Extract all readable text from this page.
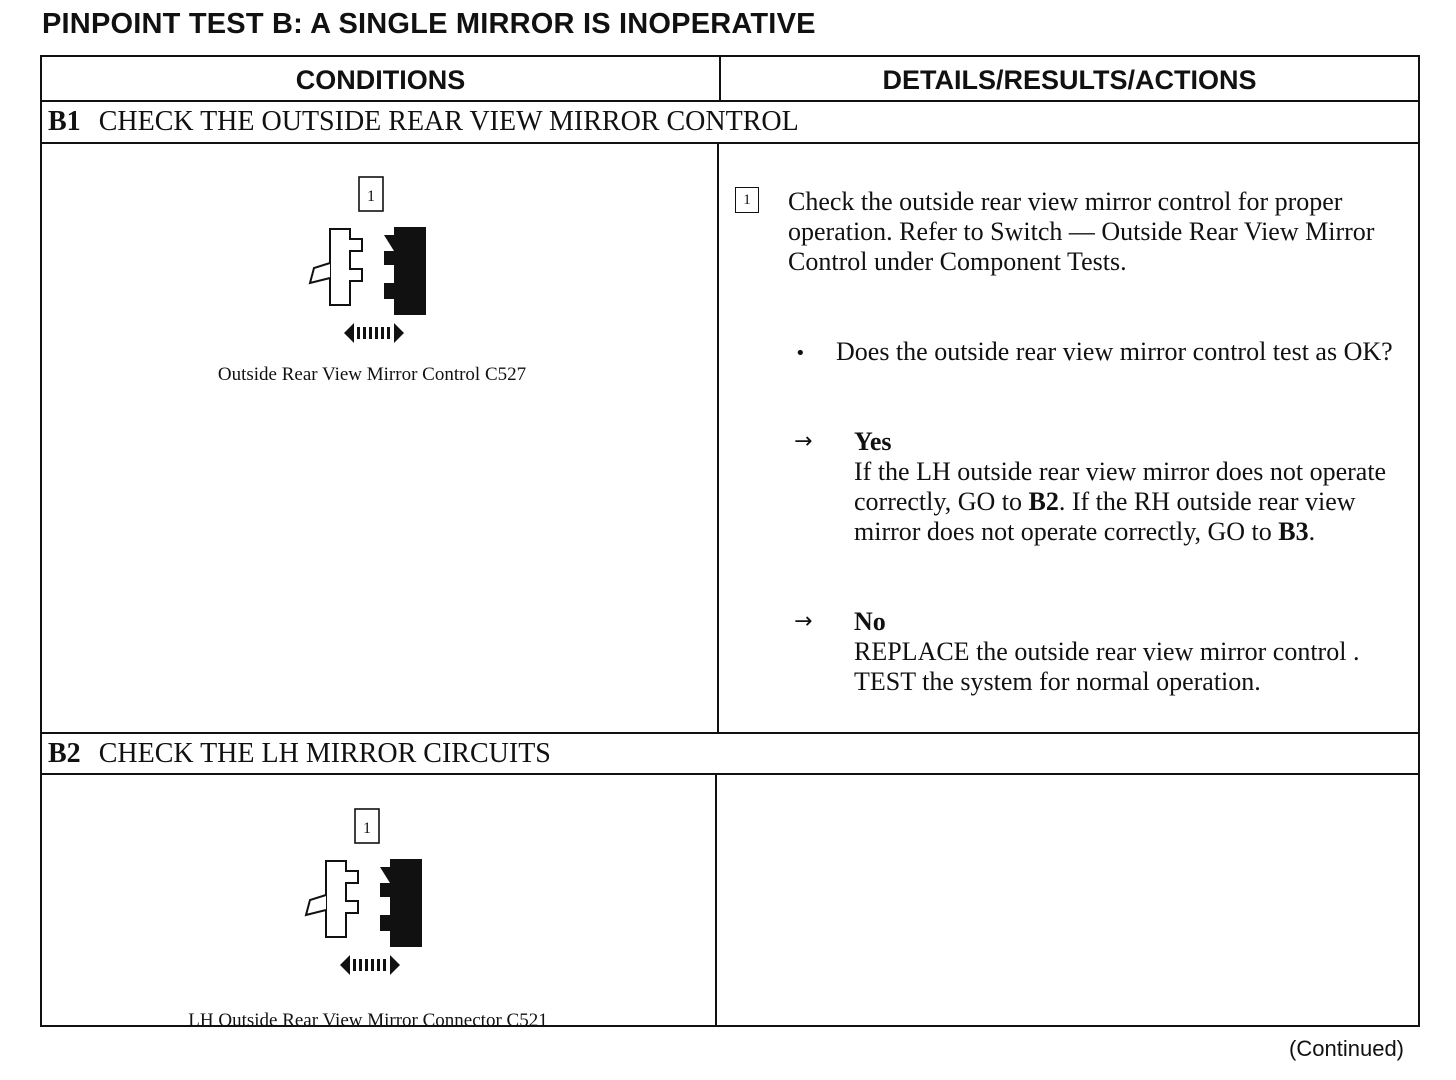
PINPOINT TEST B: A SINGLE MIRROR IS INOPERATIVE
CONDITIONS	DETAILS/RESULTS/ACTIONS
B1 CHECK THE OUTSIDE REAR VIEW MIRROR CONTROL
1
Outside Rear View Mirror Control C527
1	Check the outside rear view mirror control for proper operation. Refer to Switch — Outside Rear View Mirror Control under Component Tests.
• Does the outside rear view mirror control test as OK?
→ Yes
If the LH outside rear view mirror does not operate correctly, GO to B2. If the RH outside rear view mirror does not operate correctly, GO to B3.
→ No
REPLACE the outside rear view mirror control . TEST the system for normal operation.
B2 CHECK THE LH MIRROR CIRCUITS
1
LH Outside Rear View Mirror Connector C521
(Continued)
